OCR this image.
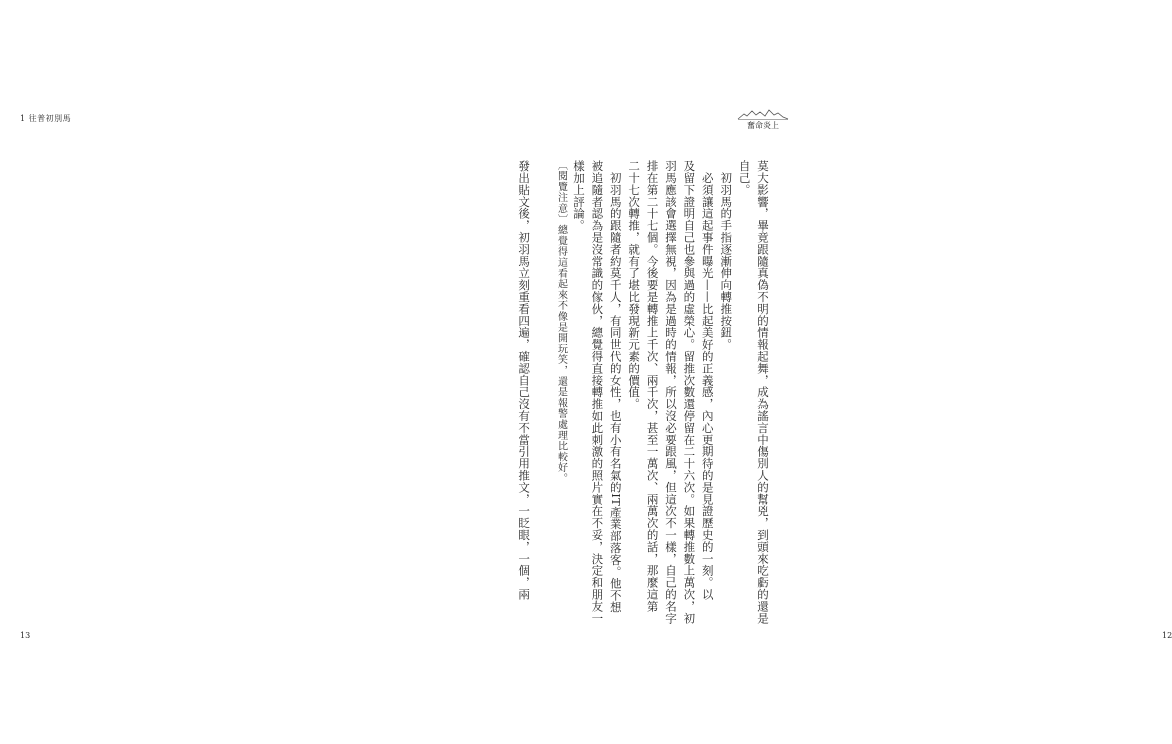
1 往普初別馬

13
奮命炎上

莫大影響，畢竟跟隨真偽不明的情報起舞，成為謠言中傷別人的幫兇，到頭來吃虧的還是

自己。

　初羽馬的手指逐漸伸向轉推按鈕。

　必須讓這起事件曝光——比起美好的正義感，內心更期待的是見證歷史的一刻。以

及留下證明自己也參與過的虛榮心。留推次數還停留在二十六次。如果轉推數上萬次，初

羽馬應該會選擇無視，因為是過時的情報，所以沒必要跟風，但這次不一樣，自己的名字

排在第二十七個。今後要是轉推上千次、兩千次，甚至一萬次、兩萬次的話，那麼這第

二十七次轉推，就有了堪比發現新元素的價值。

　初羽馬的跟隨者約莫千人，有同世代的女性，也有小有名氣的IT產業部落客。他不想

被追隨者認為是沒常識的傢伙，總覺得直接轉推如此刺激的照片實在不妥，決定和朋友一

樣加上評論。

〔閱覽注意〕總覺得這看起來不像是開玩笑，還是報警處理比較好。

發出貼文後，初羽馬立刻重看四遍，確認自己沒有不當引用推文，一眨眼，一個，兩

12
